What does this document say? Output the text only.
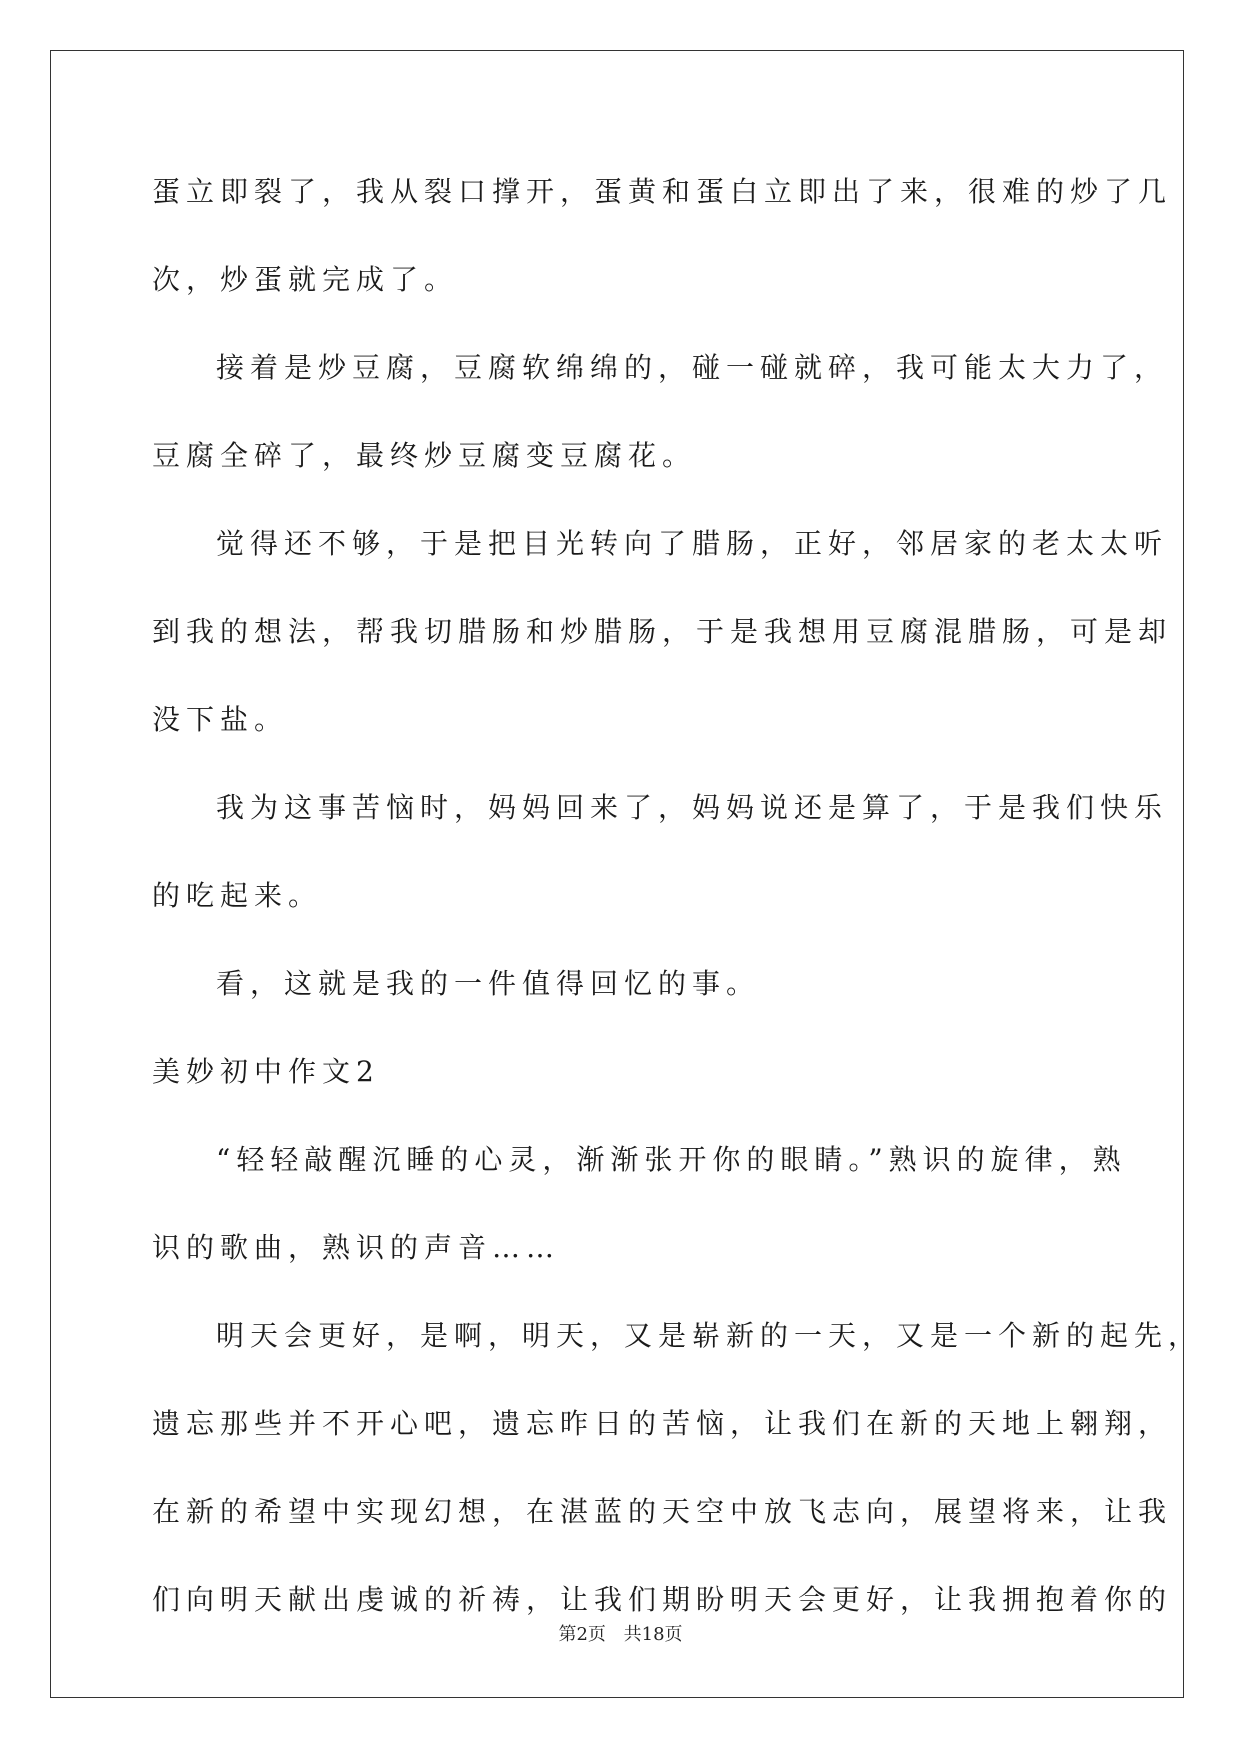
蛋立即裂了，我从裂口撑开，蛋黄和蛋白立即出了来，很难的炒了几
次，炒蛋就完成了。
接着是炒豆腐，豆腐软绵绵的，碰一碰就碎，我可能太大力了，
豆腐全碎了，最终炒豆腐变豆腐花。
觉得还不够，于是把目光转向了腊肠，正好，邻居家的老太太听
到我的想法，帮我切腊肠和炒腊肠，于是我想用豆腐混腊肠，可是却
没下盐。
我为这事苦恼时，妈妈回来了，妈妈说还是算了，于是我们快乐
的吃起来。
看，这就是我的一件值得回忆的事。
美妙初中作文2
“轻轻敲醒沉睡的心灵，渐渐张开你的眼睛。”熟识的旋律，熟
识的歌曲，熟识的声音……
明天会更好，是啊，明天，又是崭新的一天，又是一个新的起先，
遗忘那些并不开心吧，遗忘昨日的苦恼，让我们在新的天地上翱翔，
在新的希望中实现幻想，在湛蓝的天空中放飞志向，展望将来，让我
们向明天献出虔诚的祈祷，让我们期盼明天会更好，让我拥抱着你的
第2页 共18页
